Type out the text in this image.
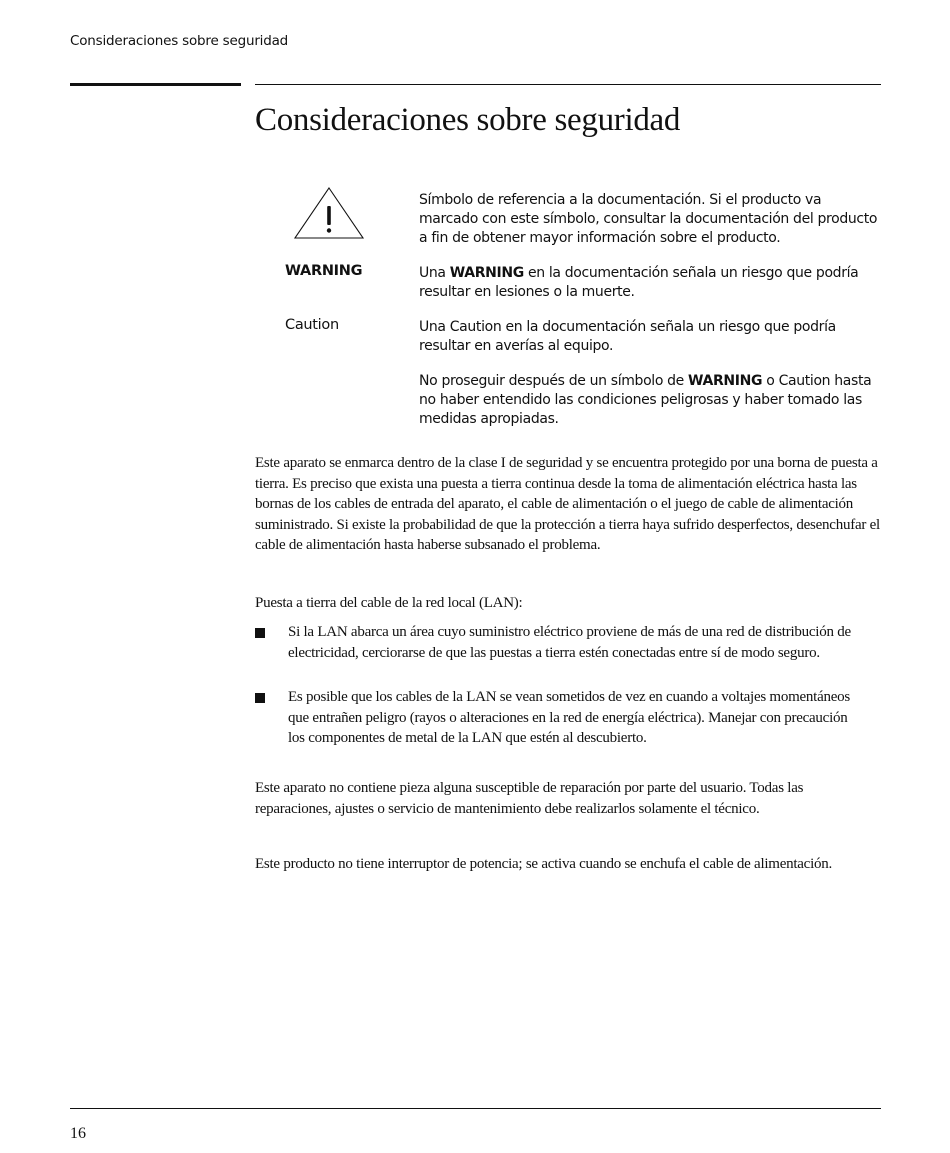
Consideraciones sobre seguridad
Consideraciones sobre seguridad
Símbolo de referencia a la documentación. Si el producto va marcado con este símbolo, consultar la documentación del producto a fin de obtener mayor información sobre el producto.
WARNING	Una WARNING en la documentación señala un riesgo que podría resultar en lesiones o la muerte.
Caution	Una Caution en la documentación señala un riesgo que podría resultar en averías al equipo.
No proseguir después de un símbolo de WARNING o Caution hasta no haber entendido las condiciones peligrosas y haber tomado las medidas apropiadas.

Este aparato se enmarca dentro de la clase I de seguridad y se encuentra protegido por una borna de puesta a tierra. Es preciso que exista una puesta a tierra continua desde la toma de alimentación eléctrica hasta las bornas de los cables de entrada del aparato, el cable de alimentación o el juego de cable de alimentación suministrado. Si existe la probabilidad de que la protección a tierra haya sufrido desperfectos, desenchufar el cable de alimentación hasta haberse subsanado el problema.

Puesta a tierra del cable de la red local (LAN):

Si la LAN abarca un área cuyo suministro eléctrico proviene de más de una red de distribución de electricidad, cerciorarse de que las puestas a tierra estén conectadas entre sí de modo seguro.

Es posible que los cables de la LAN se vean sometidos de vez en cuando a voltajes momentáneos que entrañen peligro (rayos o alteraciones en la red de energía eléctrica). Manejar con precaución los componentes de metal de la LAN que estén al descubierto.

Este aparato no contiene pieza alguna susceptible de reparación por parte del usuario. Todas las reparaciones, ajustes o servicio de mantenimiento debe realizarlos solamente el técnico.

Este producto no tiene interruptor de potencia; se activa cuando se enchufa el cable de alimentación.

16
